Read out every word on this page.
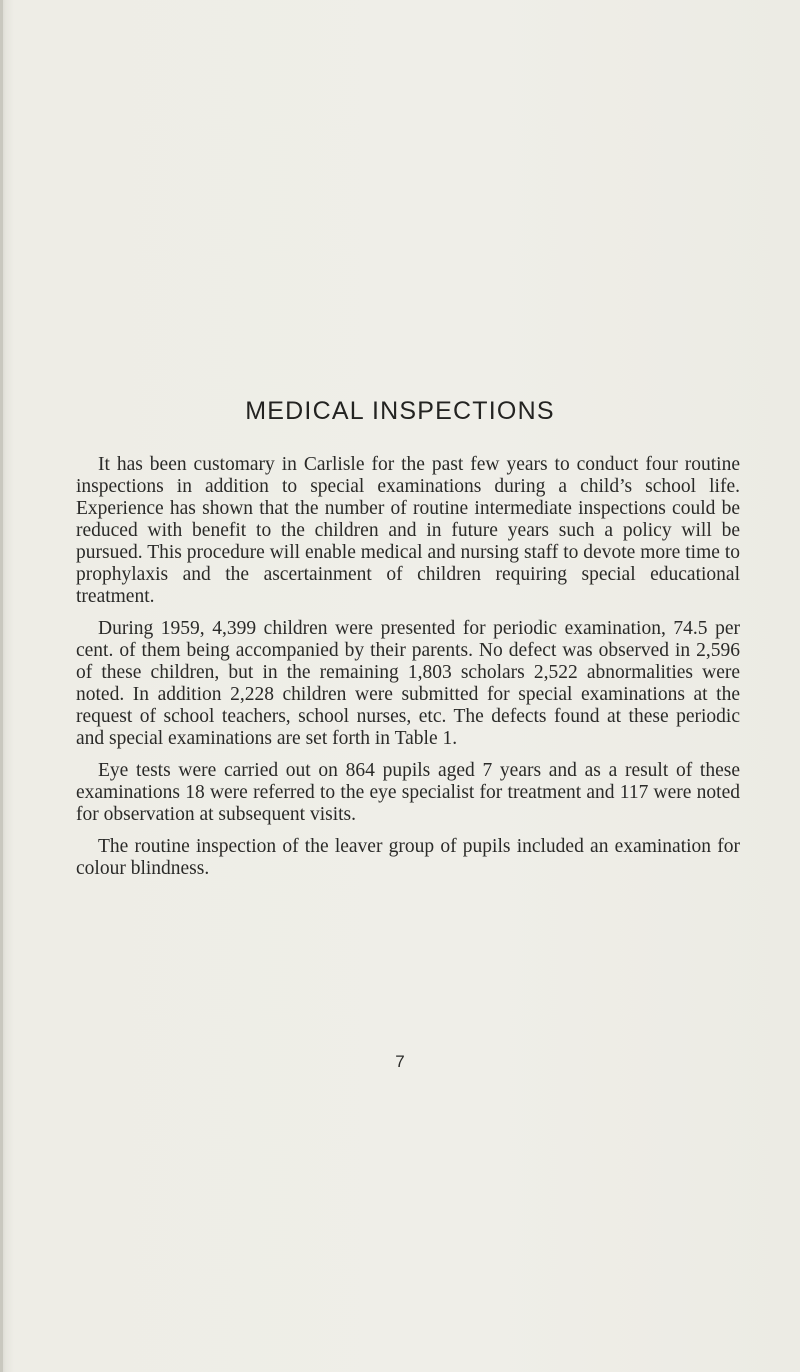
MEDICAL INSPECTIONS

It has been customary in Carlisle for the past few years to conduct four routine inspections in addition to special examinations during a child’s school life. Experience has shown that the number of routine intermediate inspections could be reduced with benefit to the children and in future years such a policy will be pursued. This procedure will enable medical and nursing staff to devote more time to prophylaxis and the ascertainment of children requiring special educational treatment.

During 1959, 4,399 children were presented for periodic examination, 74.5 per cent. of them being accompanied by their parents. No defect was observed in 2,596 of these children, but in the remaining 1,803 scholars 2,522 abnormalities were noted. In addition 2,228 children were submitted for special examinations at the request of school teachers, school nurses, etc. The defects found at these periodic and special examinations are set forth in Table 1.

Eye tests were carried out on 864 pupils aged 7 years and as a result of these examinations 18 were referred to the eye specialist for treatment and 117 were noted for observation at subsequent visits.

The routine inspection of the leaver group of pupils included an examination for colour blindness.

7
